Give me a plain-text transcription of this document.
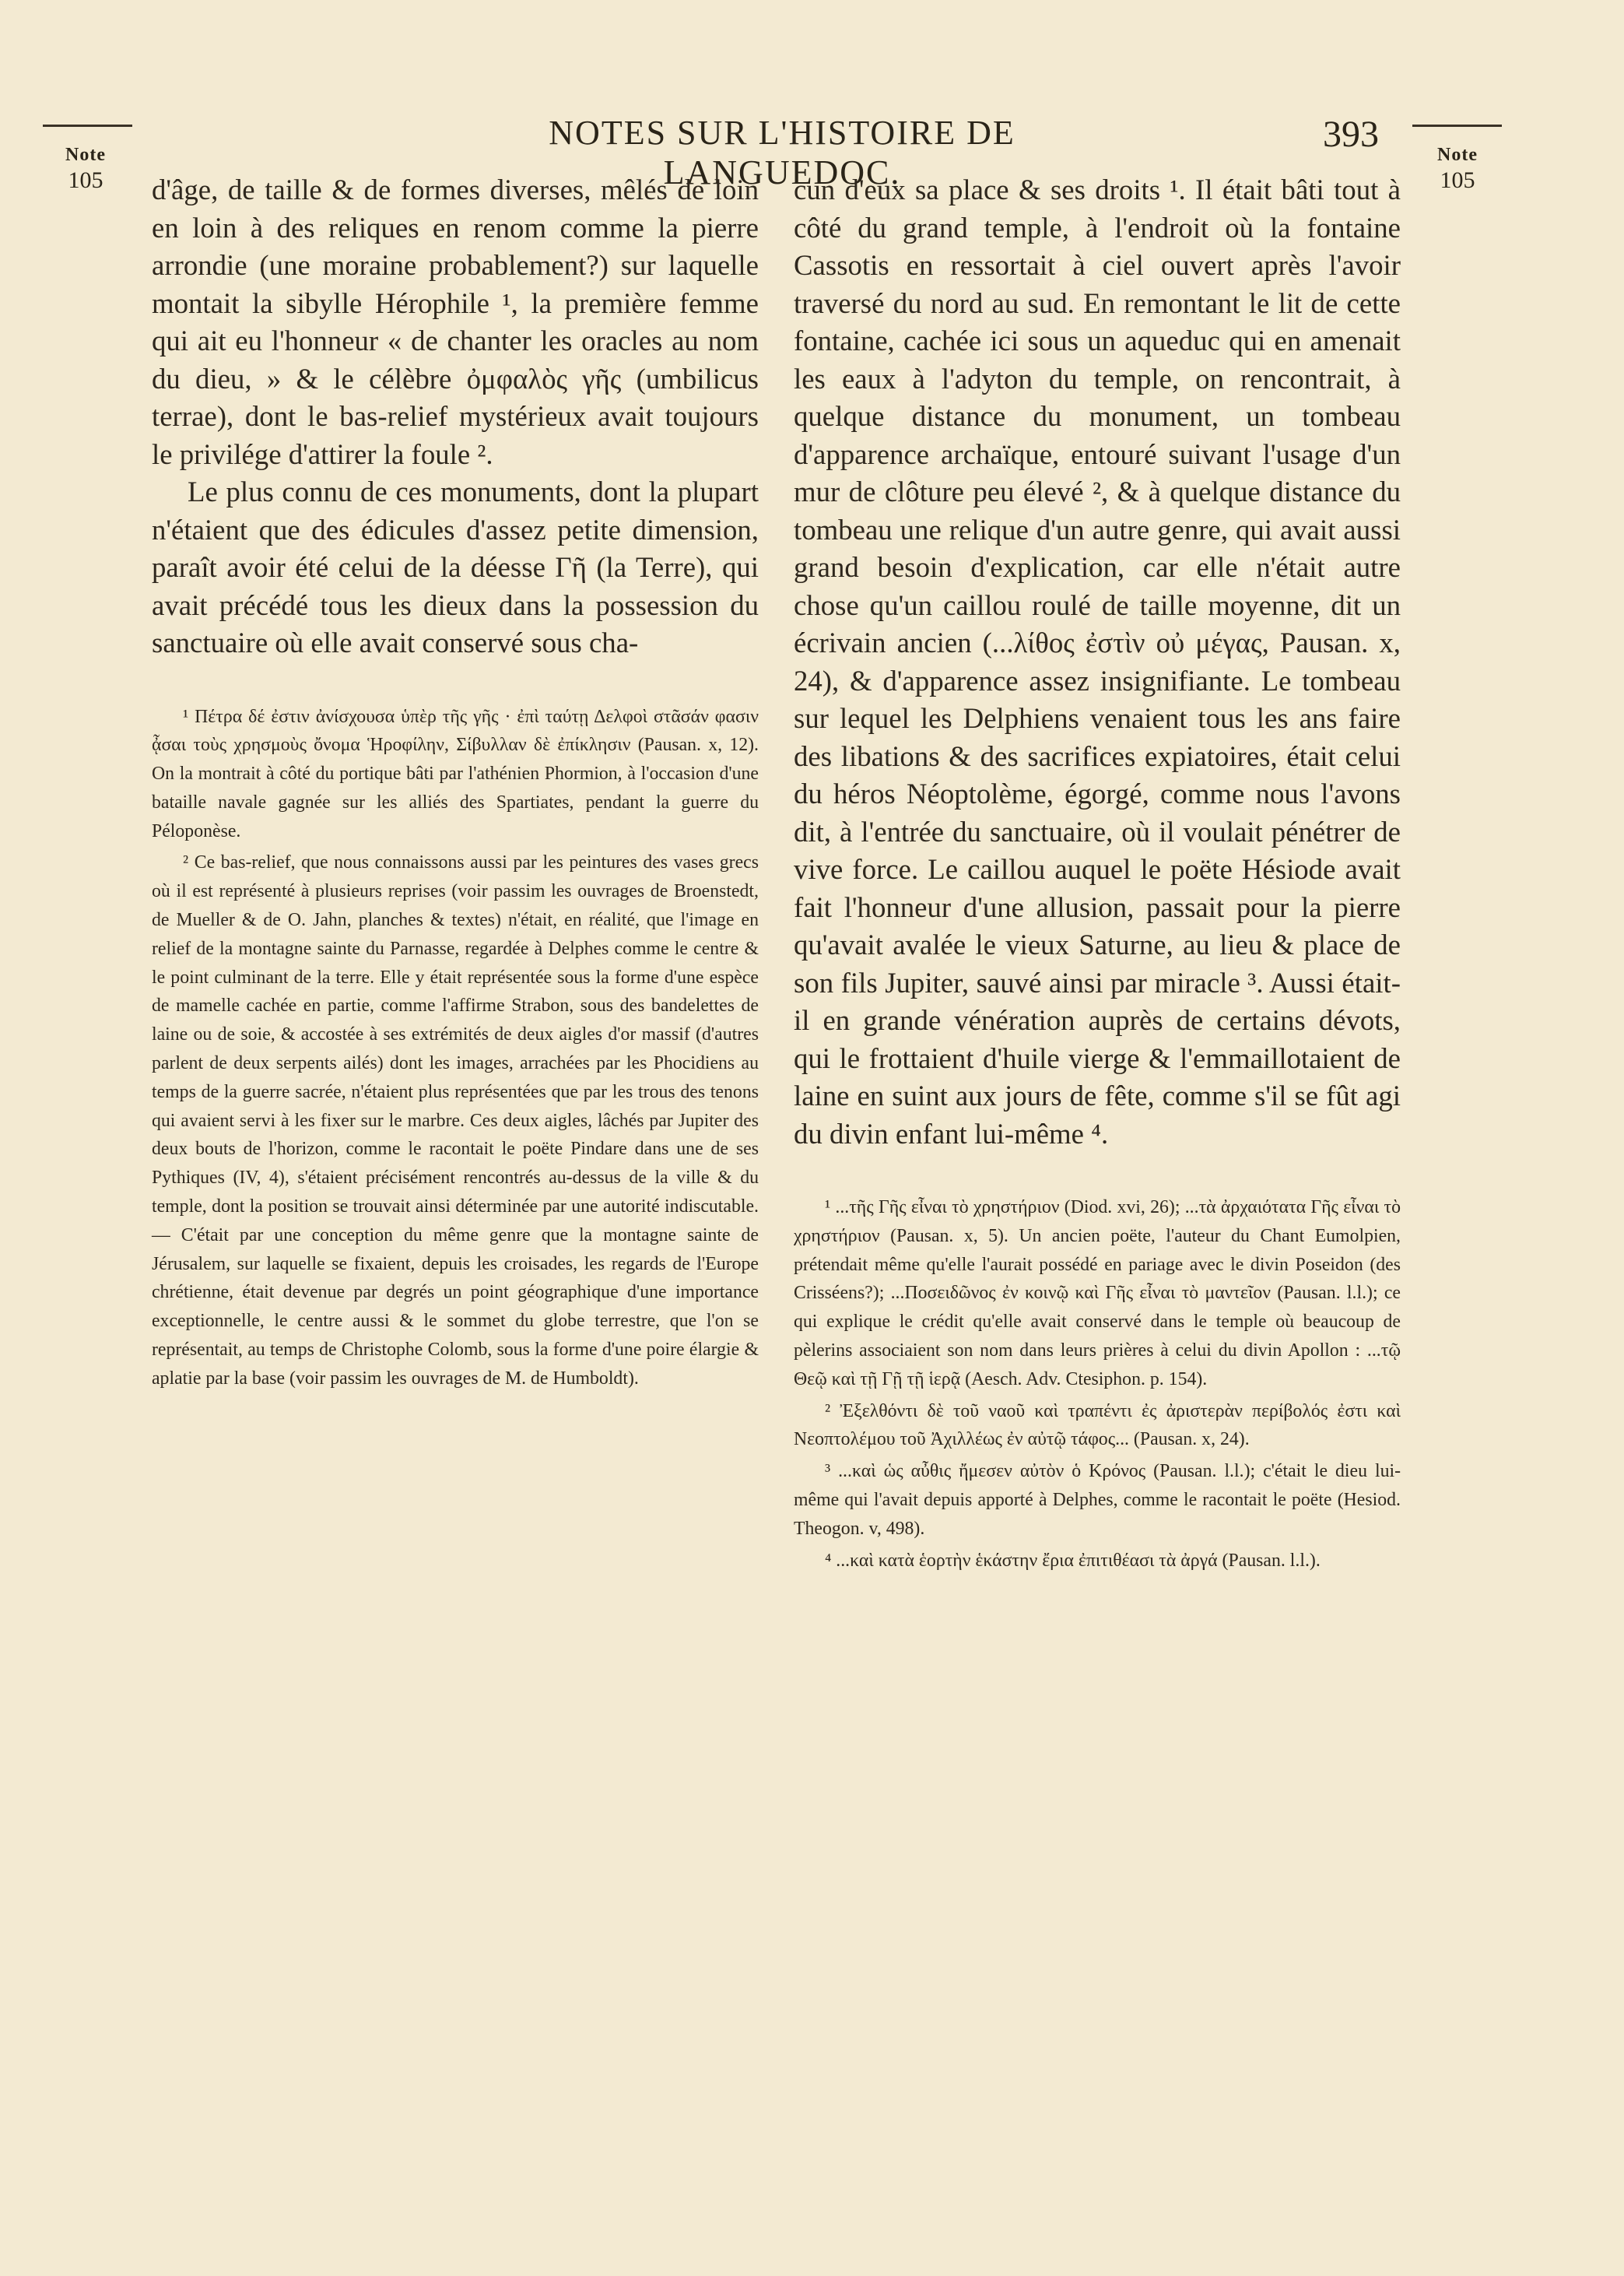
Note
105
Note
105
NOTES SUR L'HISTOIRE DE LANGUEDOC.
393

d'âge, de taille & de formes diverses, mêlés de loin en loin à des reliques en renom comme la pierre arrondie (une moraine probablement?) sur laquelle montait la sibylle Hérophile ¹, la première femme qui ait eu l'honneur « de chanter les oracles au nom du dieu, » & le célèbre ὀμφαλὸς γῆς (umbilicus terrae), dont le bas-relief mystérieux avait toujours le privilége d'attirer la foule ².

Le plus connu de ces monuments, dont la plupart n'étaient que des édicules d'assez petite dimension, paraît avoir été celui de la déesse Γῆ (la Terre), qui avait précédé tous les dieux dans la possession du sanctuaire où elle avait conservé sous cha-

¹ Πέτρα δέ ἐστιν ἀνίσχουσα ὑπὲρ τῆς γῆς · ἐπὶ ταύτῃ Δελφοὶ στᾶσάν φασιν ᾆσαι τοὺς χρησμοὺς ὄνομα Ἡροφίλην, Σίβυλλαν δὲ ἐπίκλησιν (Pausan. x, 12). On la montrait à côté du portique bâti par l'athénien Phormion, à l'occasion d'une bataille navale gagnée sur les alliés des Spartiates, pendant la guerre du Péloponèse.

² Ce bas-relief, que nous connaissons aussi par les peintures des vases grecs où il est représenté à plusieurs reprises (voir passim les ouvrages de Broenstedt, de Mueller & de O. Jahn, planches & textes) n'était, en réalité, que l'image en relief de la montagne sainte du Parnasse, regardée à Delphes comme le centre & le point culminant de la terre. Elle y était représentée sous la forme d'une espèce de mamelle cachée en partie, comme l'affirme Strabon, sous des bandelettes de laine ou de soie, & accostée à ses extrémités de deux aigles d'or massif (d'autres parlent de deux serpents ailés) dont les images, arrachées par les Phocidiens au temps de la guerre sacrée, n'étaient plus représentées que par les trous des tenons qui avaient servi à les fixer sur le marbre. Ces deux aigles, lâchés par Jupiter des deux bouts de l'horizon, comme le racontait le poëte Pindare dans une de ses Pythiques (IV, 4), s'étaient précisément rencontrés au-dessus de la ville & du temple, dont la position se trouvait ainsi déterminée par une autorité indiscutable. — C'était par une conception du même genre que la montagne sainte de Jérusalem, sur laquelle se fixaient, depuis les croisades, les regards de l'Europe chrétienne, était devenue par degrés un point géographique d'une importance exceptionnelle, le centre aussi & le sommet du globe terrestre, que l'on se représentait, au temps de Christophe Colomb, sous la forme d'une poire élargie & aplatie par la base (voir passim les ouvrages de M. de Humboldt).

cun d'eux sa place & ses droits ¹. Il était bâti tout à côté du grand temple, à l'endroit où la fontaine Cassotis en ressortait à ciel ouvert après l'avoir traversé du nord au sud. En remontant le lit de cette fontaine, cachée ici sous un aqueduc qui en amenait les eaux à l'adyton du temple, on rencontrait, à quelque distance du monument, un tombeau d'apparence archaïque, entouré suivant l'usage d'un mur de clôture peu élevé ², & à quelque distance du tombeau une relique d'un autre genre, qui avait aussi grand besoin d'explication, car elle n'était autre chose qu'un caillou roulé de taille moyenne, dit un écrivain ancien (...λίθος ἐστὶν οὐ μέγας, Pausan. x, 24), & d'apparence assez insignifiante. Le tombeau sur lequel les Delphiens venaient tous les ans faire des libations & des sacrifices expiatoires, était celui du héros Néoptolème, égorgé, comme nous l'avons dit, à l'entrée du sanctuaire, où il voulait pénétrer de vive force. Le caillou auquel le poëte Hésiode avait fait l'honneur d'une allusion, passait pour la pierre qu'avait avalée le vieux Saturne, au lieu & place de son fils Jupiter, sauvé ainsi par miracle ³. Aussi était-il en grande vénération auprès de certains dévots, qui le frottaient d'huile vierge & l'emmaillotaient de laine en suint aux jours de fête, comme s'il se fût agi du divin enfant lui-même ⁴.

¹ ...τῆς Γῆς εἶναι τὸ χρηστήριον (Diod. xvi, 26); ...τὰ ἀρχαιότατα Γῆς εἶναι τὸ χρηστήριον (Pausan. x, 5). Un ancien poëte, l'auteur du Chant Eumolpien, prétendait même qu'elle l'aurait possédé en pariage avec le divin Poseidon (des Crisséens?); ...Ποσειδῶνος ἐν κοινῷ καὶ Γῆς εἶναι τὸ μαντεῖον (Pausan. l.l.); ce qui explique le crédit qu'elle avait conservé dans le temple où beaucoup de pèlerins associaient son nom dans leurs prières à celui du divin Apollon : ...τῷ Θεῷ καὶ τῇ Γῇ τῇ ἱερᾷ (Aesch. Adv. Ctesiphon. p. 154).

² Ἐξελθόντι δὲ τοῦ ναοῦ καὶ τραπέντι ἐς ἀριστερὰν περίβολός ἐστι καὶ Νεοπτολέμου τοῦ Ἀχιλλέως ἐν αὐτῷ τάφος... (Pausan. x, 24).

³ ...καὶ ὡς αὖθις ἤμεσεν αὐτὸν ὁ Κρόνος (Pausan. l.l.); c'était le dieu lui-même qui l'avait depuis apporté à Delphes, comme le racontait le poëte (Hesiod. Theogon. v, 498).

⁴ ...καὶ κατὰ ἑορτὴν ἑκάστην ἔρια ἐπιτιθέασι τὰ ἀργά (Pausan. l.l.).
